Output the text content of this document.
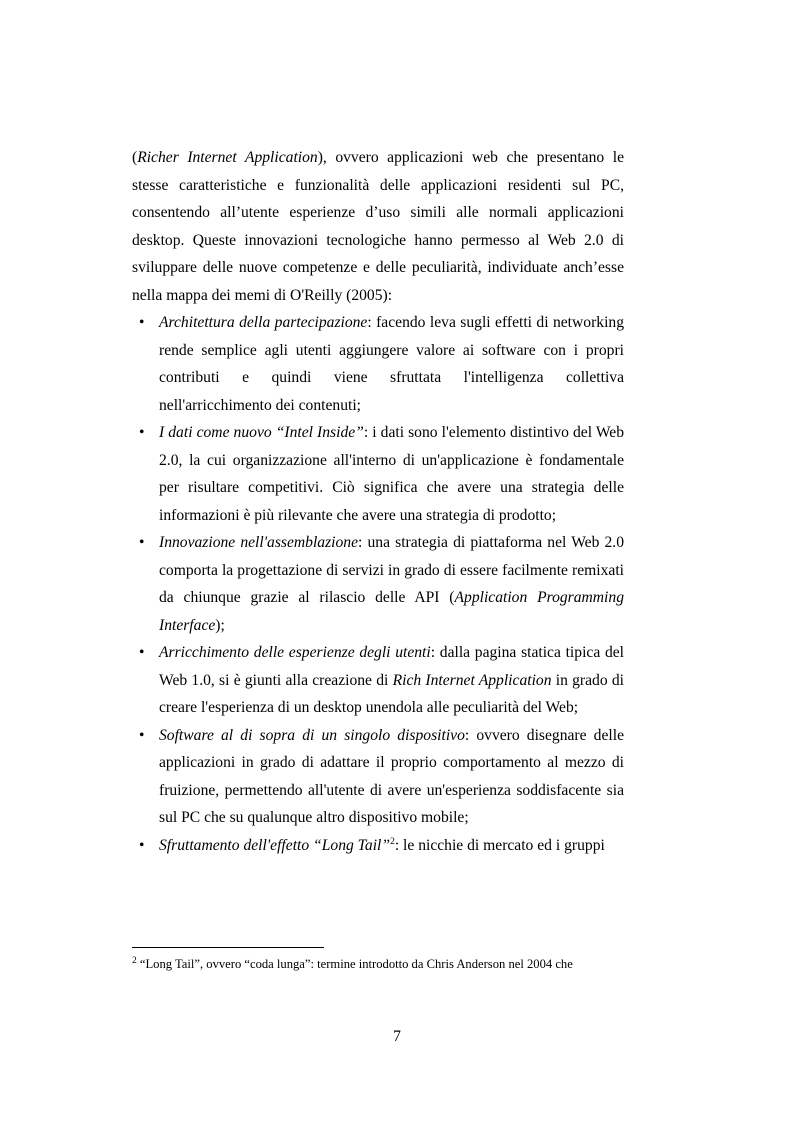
(Richer Internet Application), ovvero applicazioni web che presentano le stesse caratteristiche e funzionalità delle applicazioni residenti sul PC, consentendo all’utente esperienze d’uso simili alle normali applicazioni desktop. Queste innovazioni tecnologiche hanno permesso al Web 2.0 di sviluppare delle nuove competenze e delle peculiarità, individuate anch’esse nella mappa dei memi di O'Reilly (2005):

• Architettura della partecipazione: facendo leva sugli effetti di networking rende semplice agli utenti aggiungere valore ai software con i propri contributi e quindi viene sfruttata l'intelligenza collettiva nell'arricchimento dei contenuti;
• I dati come nuovo “Intel Inside”: i dati sono l'elemento distintivo del Web 2.0, la cui organizzazione all'interno di un'applicazione è fondamentale per risultare competitivi. Ciò significa che avere una strategia delle informazioni è più rilevante che avere una strategia di prodotto;
• Innovazione nell'assemblazione: una strategia di piattaforma nel Web 2.0 comporta la progettazione di servizi in grado di essere facilmente remixati da chiunque grazie al rilascio delle API (Application Programming Interface);
• Arricchimento delle esperienze degli utenti: dalla pagina statica tipica del Web 1.0, si è giunti alla creazione di Rich Internet Application in grado di creare l'esperienza di un desktop unendola alle peculiarità del Web;
• Software al di sopra di un singolo dispositivo: ovvero disegnare delle applicazioni in grado di adattare il proprio comportamento al mezzo di fruizione, permettendo all'utente di avere un'esperienza soddisfacente sia sul PC che su qualunque altro dispositivo mobile;
• Sfruttamento dell'effetto “Long Tail”$^2$: le nicchie di mercato ed i gruppi
$^2$ “Long Tail”, ovvero “coda lunga”: termine introdotto da Chris Anderson nel 2004 che
7
